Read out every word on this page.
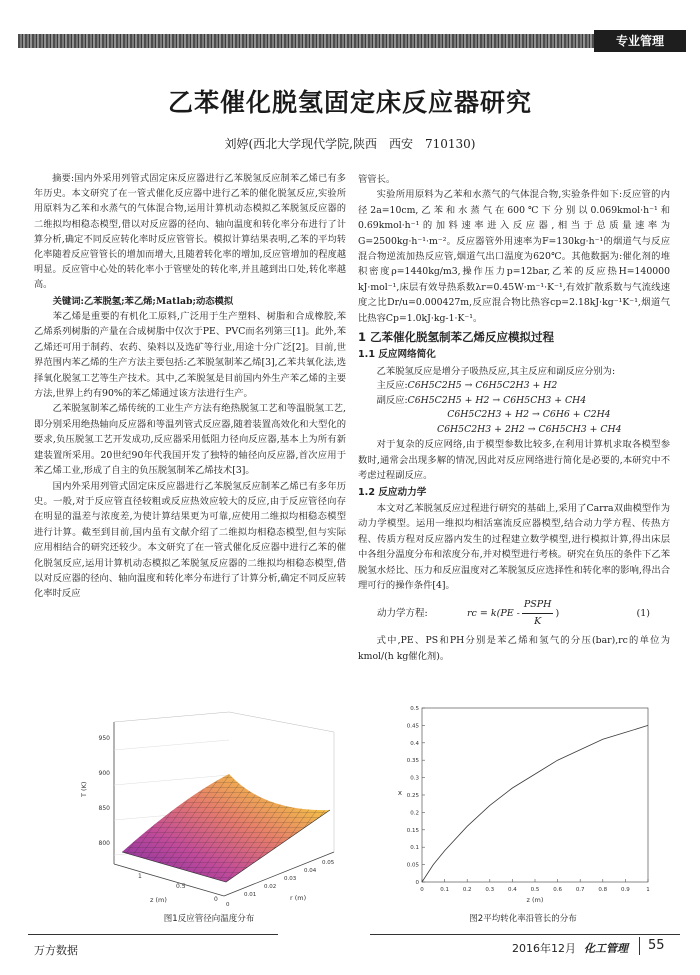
专业管理
乙苯催化脱氢固定床反应器研究
刘婷(西北大学现代学院,陕西　西安　710130)

摘要:国内外采用列管式固定床反应器进行乙苯脱氢反应制苯乙烯已有多年历史。本文研究了在一管式催化反应器中进行乙苯的催化脱氢反应,实验所用原料为乙苯和水蒸气的气体混合物,运用计算机动态模拟乙苯脱氢反应器的二维拟均相稳态模型,借以对反应器的径向、轴向温度和转化率分布进行了计算分析,确定不同反应转化率时反应管管长。模拟计算结果表明,乙苯的平均转化率随着反应管管长的增加而增大,且随着转化率的增加,反应管增加的程度越明显。反应管中心处的转化率小于管壁处的转化率,并且越到出口处,转化率越高。

关键词:乙苯脱氢;苯乙烯;Matlab;动态模拟

苯乙烯是重要的有机化工原料,广泛用于生产塑料、树脂和合成橡胶,苯乙烯系列树脂的产量在合成树脂中仅次于PE、PVC而名列第三[1]。此外,苯乙烯还可用于制药、农药、染料以及选矿等行业,用途十分广泛[2]。目前,世界范围内苯乙烯的生产方法主要包括:乙苯脱氢制苯乙烯[3],乙苯共氧化法,选择氧化脱氢工艺等生产技术。其中,乙苯脱氢是目前国内外生产苯乙烯的主要方法,世界上约有90%的苯乙烯通过该方法进行生产。

乙苯脱氢制苯乙烯传统的工业生产方法有绝热脱氢工艺和等温脱氢工艺,即分别采用绝热轴向反应器和等温列管式反应器,随着装置高效化和大型化的要求,负压脱氢工艺开发成功,反应器采用低阻力径向反应器,基本上为所有新建装置所采用。20世纪90年代我国开发了独特的轴径向反应器,首次应用于苯乙烯工业,形成了自主的负压脱氢制苯乙烯技术[3]。

国内外采用列管式固定床反应器进行乙苯脱氢反应制苯乙烯已有多年历史。一般,对于反应管直径较粗或反应热效应较大的反应,由于反应管径向存在明显的温差与浓度差,为使计算结果更为可靠,应使用二维拟均相稳态模型进行计算。截至到目前,国内虽有文献介绍了二维拟均相稳态模型,但与实际应用相结合的研究还较少。本文研究了在一管式催化反应器中进行乙苯的催化脱氢反应,运用计算机动态模拟乙苯脱氢反应器的二维拟均相稳态模型,借以对反应器的径向、轴向温度和转化率分布进行了计算分析,确定不同反应转化率时反应

管管长。

实验所用原料为乙苯和水蒸气的气体混合物,实验条件如下:反应管的内径2a=10cm,乙苯和水蒸气在600℃下分别以0.069kmol·h⁻¹和0.69kmol·h⁻¹的加料速率进入反应器,相当于总质量速率为G=2500kg·h⁻¹·m⁻²。反应器管外用速率为F=130kg·h⁻¹的烟道气与反应混合物逆流加热反应管,烟道气出口温度为620℃。其他数据为:催化剂的堆积密度ρ=1440kg/m3,操作压力p=12bar,乙苯的反应热H=140000 kJ·mol⁻¹,床层有效导热系数λr=0.45W·m⁻¹·K⁻¹,有效扩散系数与气流线速度之比Dr/u=0.000427m,反应混合物比热容cp=2.18kJ·kg⁻¹K⁻¹,烟道气比热容Cp=1.0kJ·kg-1·K⁻¹。

1 乙苯催化脱氢制苯乙烯反应模拟过程
1.1 反应网络简化

乙苯脱氢反应是增分子吸热反应,其主反应和副反应分别为:

主反应:C6H5C2H5 → C6H5C2H3 + H2
副反应:C6H5C2H5 + H2 → C6H5CH3 + CH4
C6H5C2H3 + H2 → C6H6 + C2H4
C6H5C2H3 + 2H2 → C6H5CH3 + CH4

对于复杂的反应网络,由于模型参数比较多,在利用计算机求取各模型参数时,通常会出现多解的情况,因此对反应网络进行简化是必要的,本研究中不考虑过程副反应。

1.2 反应动力学

本文对乙苯脱氢反应过程进行研究的基础上,采用了Carra双曲模型作为动力学模型。运用一维拟均相活塞流反应器模型,结合动力学方程、传热方程、传质方程对反应器内发生的过程建立数学模型,进行模拟计算,得出床层中各组分温度分布和浓度分布,并对模型进行考核。研究在负压的条件下乙苯脱氢水烃比、压力和反应温度对乙苯脱氢反应选择性和转化率的影响,得出合理可行的操作条件[4]。

动力学方程:	rc = k(PE -
PSPH
K
)	(1)

式中,PE、PS和PH分别是苯乙烯和氢气的分压(bar),rc的单位为kmol/(h kg催化剂)。

950
900
850
800
T (K)
1
0.5
0
z (m)
0
0.01
0.02
0.03
0.04
0.05
r (m)
图1反应管径向温度分布
0
0.05
0.1
0.15
0.2
0.25
0.3
0.35
0.4
0.45
0.5
0	0.1	0.2	0.3	0.4	0.5	0.6	0.7	0.8	0.9	1
z (m)
x
图2平均转化率沿管长的分布
万方数据	2016年12月 化工管理 55
